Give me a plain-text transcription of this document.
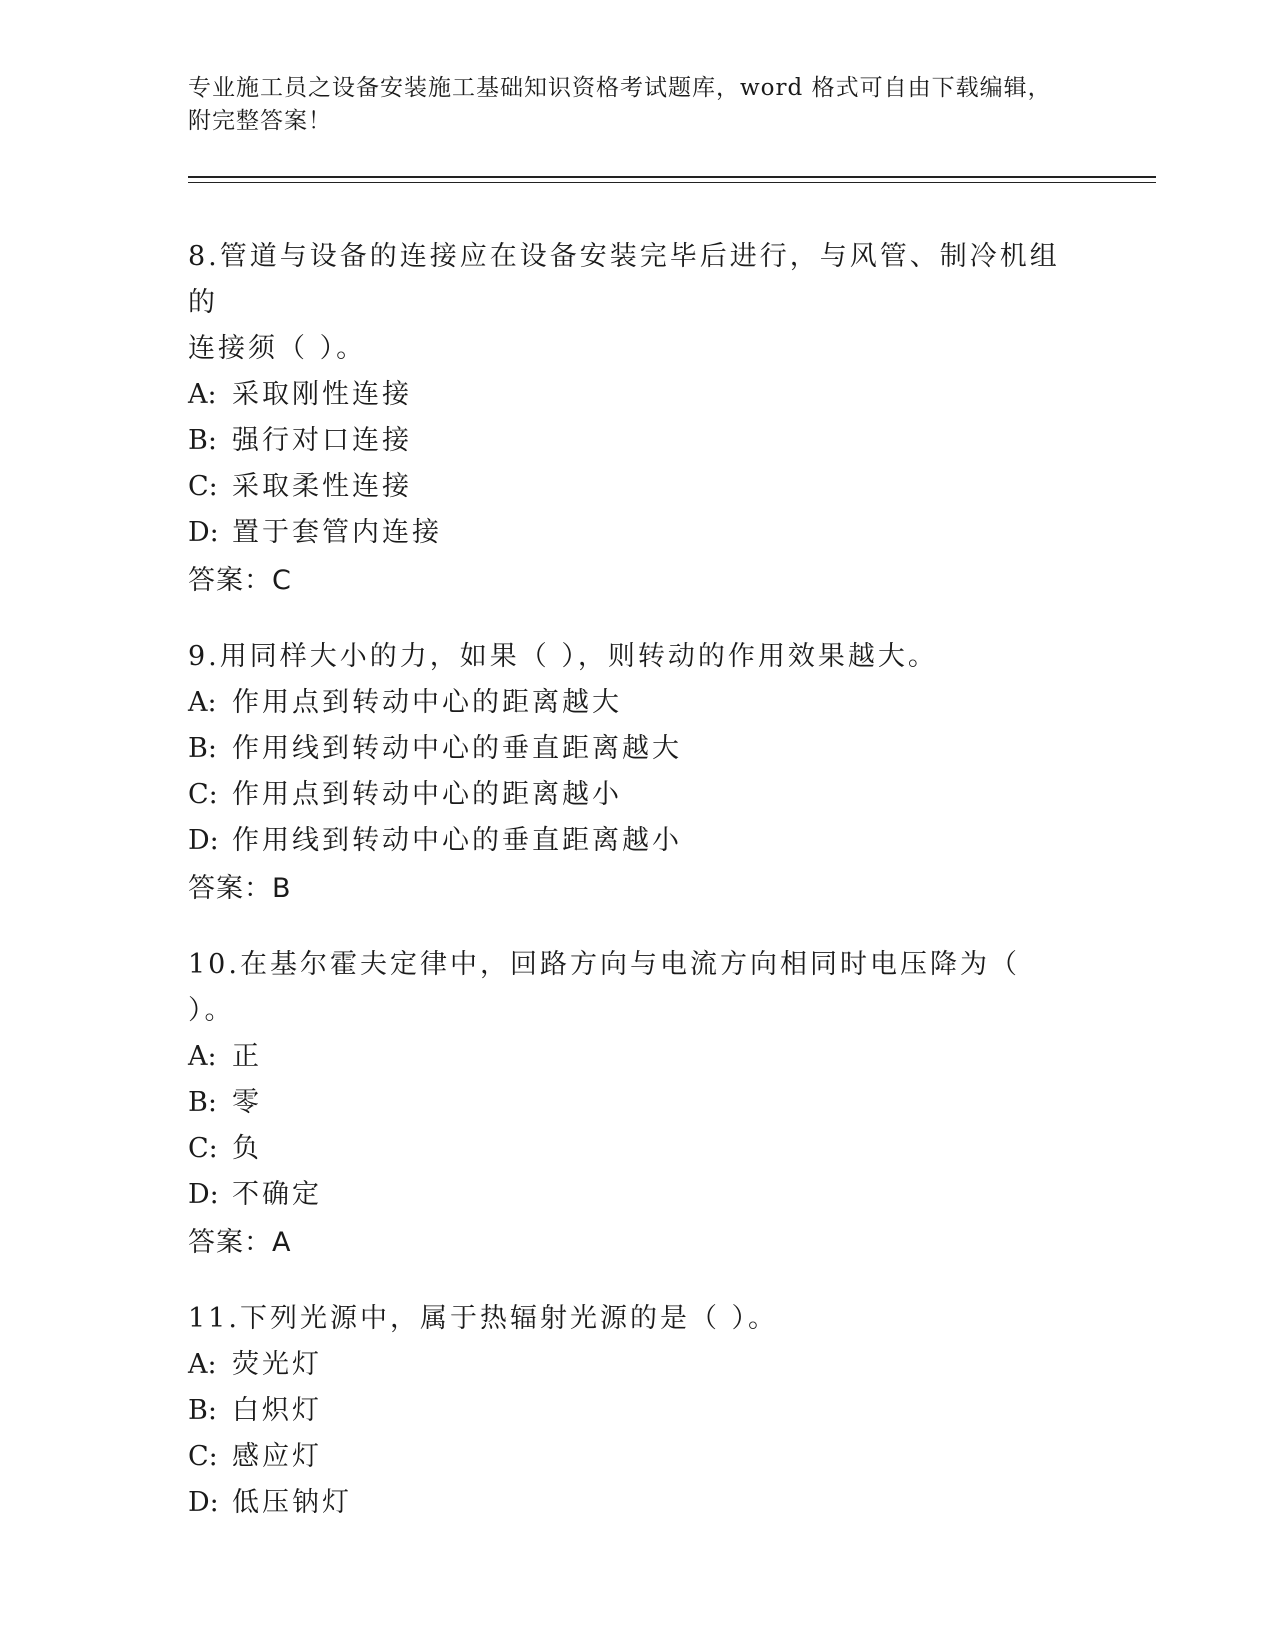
专业施工员之设备安装施工基础知识资格考试题库，word 格式可自由下载编辑，
附完整答案！
8.管道与设备的连接应在设备安装完毕后进行，与风管、制冷机组的
连接须（ ）。
A: 采取刚性连接
B: 强行对口连接
C: 采取柔性连接
D: 置于套管内连接
答案：C
9.用同样大小的力，如果（ ），则转动的作用效果越大。
A: 作用点到转动中心的距离越大
B: 作用线到转动中心的垂直距离越大
C: 作用点到转动中心的距离越小
D: 作用线到转动中心的垂直距离越小
答案：B
10.在基尔霍夫定律中，回路方向与电流方向相同时电压降为（ ）。
A: 正
B: 零
C: 负
D: 不确定
答案：A
11.下列光源中，属于热辐射光源的是（ ）。
A: 荧光灯
B: 白炽灯
C: 感应灯
D: 低压钠灯
